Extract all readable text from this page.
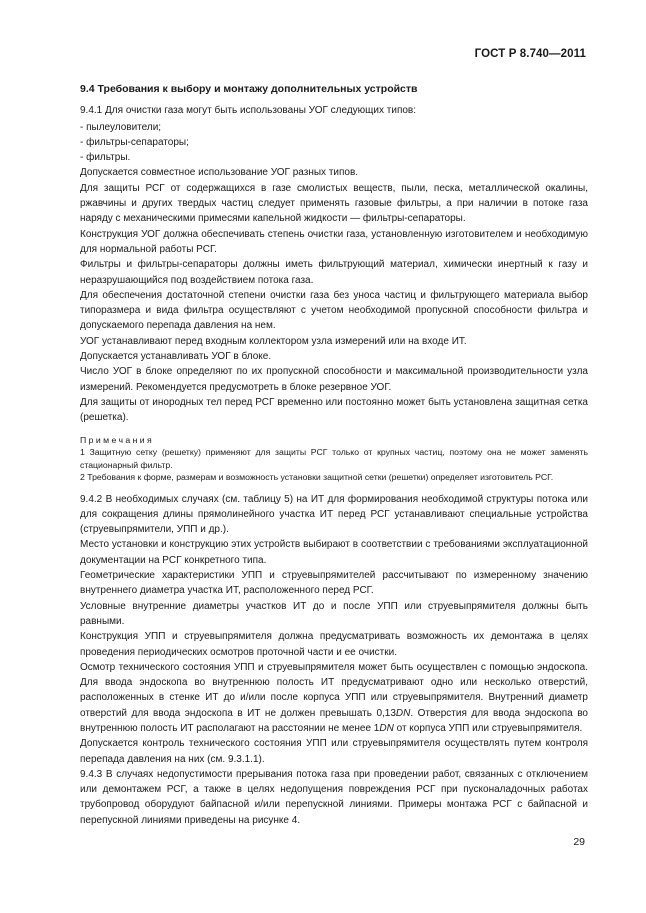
ГОСТ Р 8.740—2011
9.4 Требования к выбору и монтажу дополнительных устройств

9.4.1 Для очистки газа могут быть использованы УОГ следующих типов:

- пылеуловители;

- фильтры-сепараторы;

- фильтры.

Допускается совместное использование УОГ разных типов.

Для защиты РСГ от содержащихся в газе смолистых веществ, пыли, песка, металлической окалины, ржавчины и других твердых частиц следует применять газовые фильтры, а при наличии в потоке газа наряду с механическими примесями капельной жидкости — фильтры-сепараторы.

Конструкция УОГ должна обеспечивать степень очистки газа, установленную изготовителем и необходимую для нормальной работы РСГ.

Фильтры и фильтры-сепараторы должны иметь фильтрующий материал, химически инертный к газу и неразрушающийся под воздействием потока газа.

Для обеспечения достаточной степени очистки газа без уноса частиц и фильтрующего материала выбор типоразмера и вида фильтра осуществляют с учетом необходимой пропускной способности фильтра и допускаемого перепада давления на нем.

УОГ устанавливают перед входным коллектором узла измерений или на входе ИТ.

Допускается устанавливать УОГ в блоке.

Число УОГ в блоке определяют по их пропускной способности и максимальной производительности узла измерений. Рекомендуется предусмотреть в блоке резервное УОГ.

Для защиты от инородных тел перед РСГ временно или постоянно может быть установлена защитная сетка (решетка).

Примечания

1 Защитную сетку (решетку) применяют для защиты РСГ только от крупных частиц, поэтому она не может заменять стационарный фильтр.

2 Требования к форме, размерам и возможность установки защитной сетки (решетки) определяет изготовитель РСГ.

9.4.2 В необходимых случаях (см. таблицу 5) на ИТ для формирования необходимой структуры потока или для сокращения длины прямолинейного участка ИТ перед РСГ устанавливают специальные устройства (струевыпрямители, УПП и др.).

Место установки и конструкцию этих устройств выбирают в соответствии с требованиями эксплуатационной документации на РСГ конкретного типа.

Геометрические характеристики УПП и струевыпрямителей рассчитывают по измеренному значению внутреннего диаметра участка ИТ, расположенного перед РСГ.

Условные внутренние диаметры участков ИТ до и после УПП или струевыпрямителя должны быть равными.

Конструкция УПП и струевыпрямителя должна предусматривать возможность их демонтажа в целях проведения периодических осмотров проточной части и ее очистки.

Осмотр технического состояния УПП и струевыпрямителя может быть осуществлен с помощью эндоскопа. Для ввода эндоскопа во внутреннюю полость ИТ предусматривают одно или несколько отверстий, расположенных в стенке ИТ до и/или после корпуса УПП или струевыпрямителя. Внутренний диаметр отверстий для ввода эндоскопа в ИТ не должен превышать 0,13DN. Отверстия для ввода эндоскопа во внутреннюю полость ИТ располагают на расстоянии не менее 1DN от корпуса УПП или струевыпрямителя.

Допускается контроль технического состояния УПП или струевыпрямителя осуществлять путем контроля перепада давления на них (см. 9.3.1.1).

9.4.3 В случаях недопустимости прерывания потока газа при проведении работ, связанных с отключением или демонтажем РСГ, а также в целях недопущения повреждения РСГ при пусконаладочных работах трубопровод оборудуют байпасной и/или перепускной линиями. Примеры монтажа РСГ с байпасной и перепускной линиями приведены на рисунке 4.

29
